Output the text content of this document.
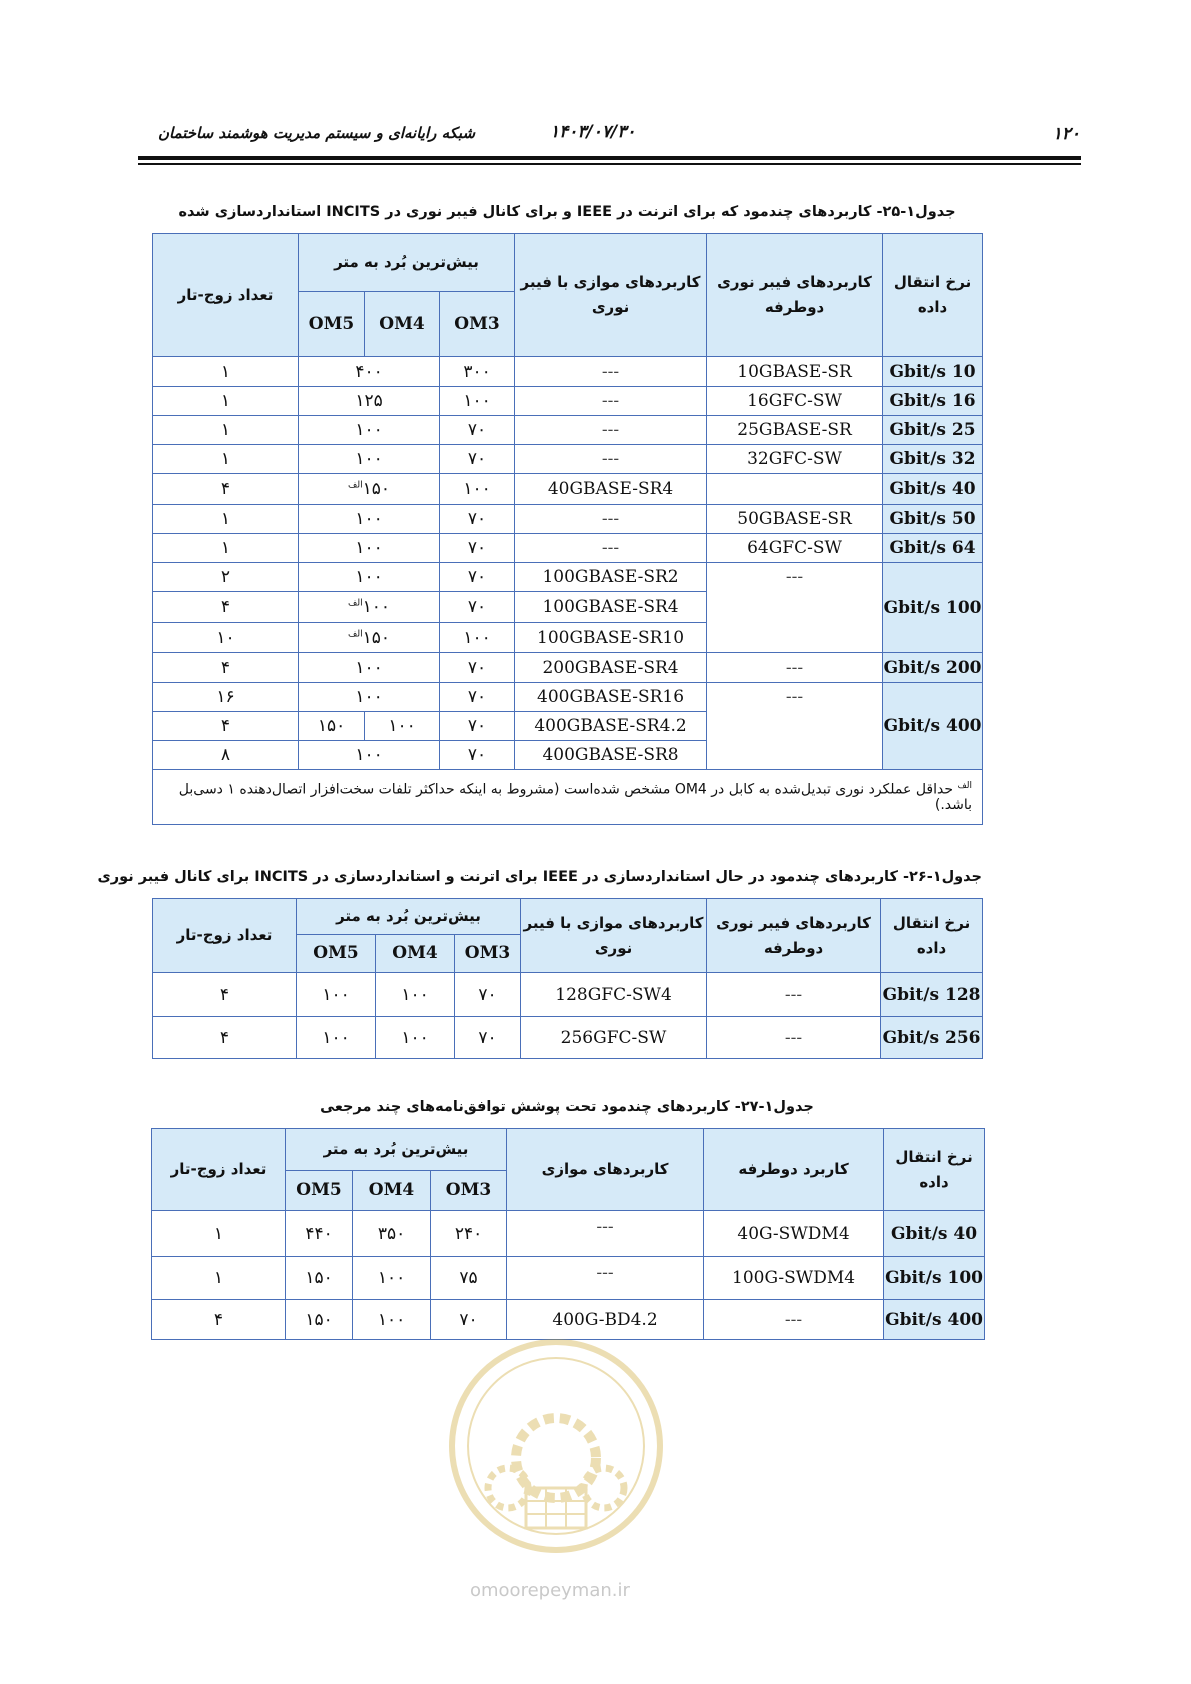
۱۲۰
۱۴۰۳/۰۷/۳۰
شبکه رایانه‌ای و سیستم مدیریت هوشمند ساختمان
جدول۱-۲۵- کاربردهای چندمود که برای اترنت در IEEE و برای کانال فیبر نوری در INCITS استانداردسازی شده
نرخ انتقال داده	کاربردهای فیبر نوری دوطرفه	کاربردهای موازی با فیبر نوری	بیش‌ترین بُرد به متر			تعداد زوج-تار
			OM3	OM4	OM5	
10 Gbit/s	10GBASE-SR	---	۳۰۰	۴۰۰		۱
16 Gbit/s	16GFC-SW	---	۱۰۰	۱۲۵		۱
25 Gbit/s	25GBASE-SR	---	۷۰	۱۰۰		۱
32 Gbit/s	32GFC-SW	---	۷۰	۱۰۰		۱
40 Gbit/s		40GBASE-SR4	۱۰۰	۱۵۰$^{الف}$		۴
50 Gbit/s	50GBASE-SR	---	۷۰	۱۰۰		۱
64 Gbit/s	64GFC-SW	---	۷۰	۱۰۰		۱
100 Gbit/s	---	100GBASE-SR2	۷۰	۱۰۰		۲
		100GBASE-SR4	۷۰	۱۰۰$^{الف}$		۴
		100GBASE-SR10	۱۰۰	۱۵۰$^{الف}$		۱۰
200 Gbit/s	---	200GBASE-SR4	۷۰	۱۰۰		۴
400 Gbit/s	---	400GBASE-SR16	۷۰	۱۰۰		۱۶
		400GBASE-SR4.2	۷۰	۱۰۰	۱۵۰	۴
		400GBASE-SR8	۷۰	۱۰۰		۸
$^{الف}$ حداقل عملکرد نوری تبدیل‌شده به کابل در OM4 مشخص شده‌است (مشروط به اینکه حداکثر تلفات سخت‌افزار اتصال‌دهنده ۱ دسی‌بل باشد.)						
جدول۱-۲۶- کاربردهای چندمود در حال استانداردسازی در IEEE برای اترنت و استانداردسازی در INCITS برای کانال فیبر نوری
نرخ انتقال داده	کاربردهای فیبر نوری دوطرفه	کاربردهای موازی با فیبر نوری	بیش‌ترین بُرد به متر			تعداد زوج-تار
			OM3	OM4	OM5	
128 Gbit/s	---	128GFC-SW4	۷۰	۱۰۰	۱۰۰	۴
256 Gbit/s	---	256GFC-SW	۷۰	۱۰۰	۱۰۰	۴
جدول۱-۲۷- کاربردهای چندمود تحت پوشش توافق‌نامه‌های چند مرجعی
نرخ انتقال داده	کاربرد دوطرفه	کاربردهای موازی	بیش‌ترین بُرد به متر			تعداد زوج-تار
			OM3	OM4	OM5	
40 Gbit/s	40G-SWDM4	---	۲۴۰	۳۵۰	۴۴۰	۱
100 Gbit/s	100G-SWDM4	---	۷۵	۱۰۰	۱۵۰	۱
400 Gbit/s	---	400G-BD4.2	۷۰	۱۰۰	۱۵۰	۴
omoorepeyman.ir
